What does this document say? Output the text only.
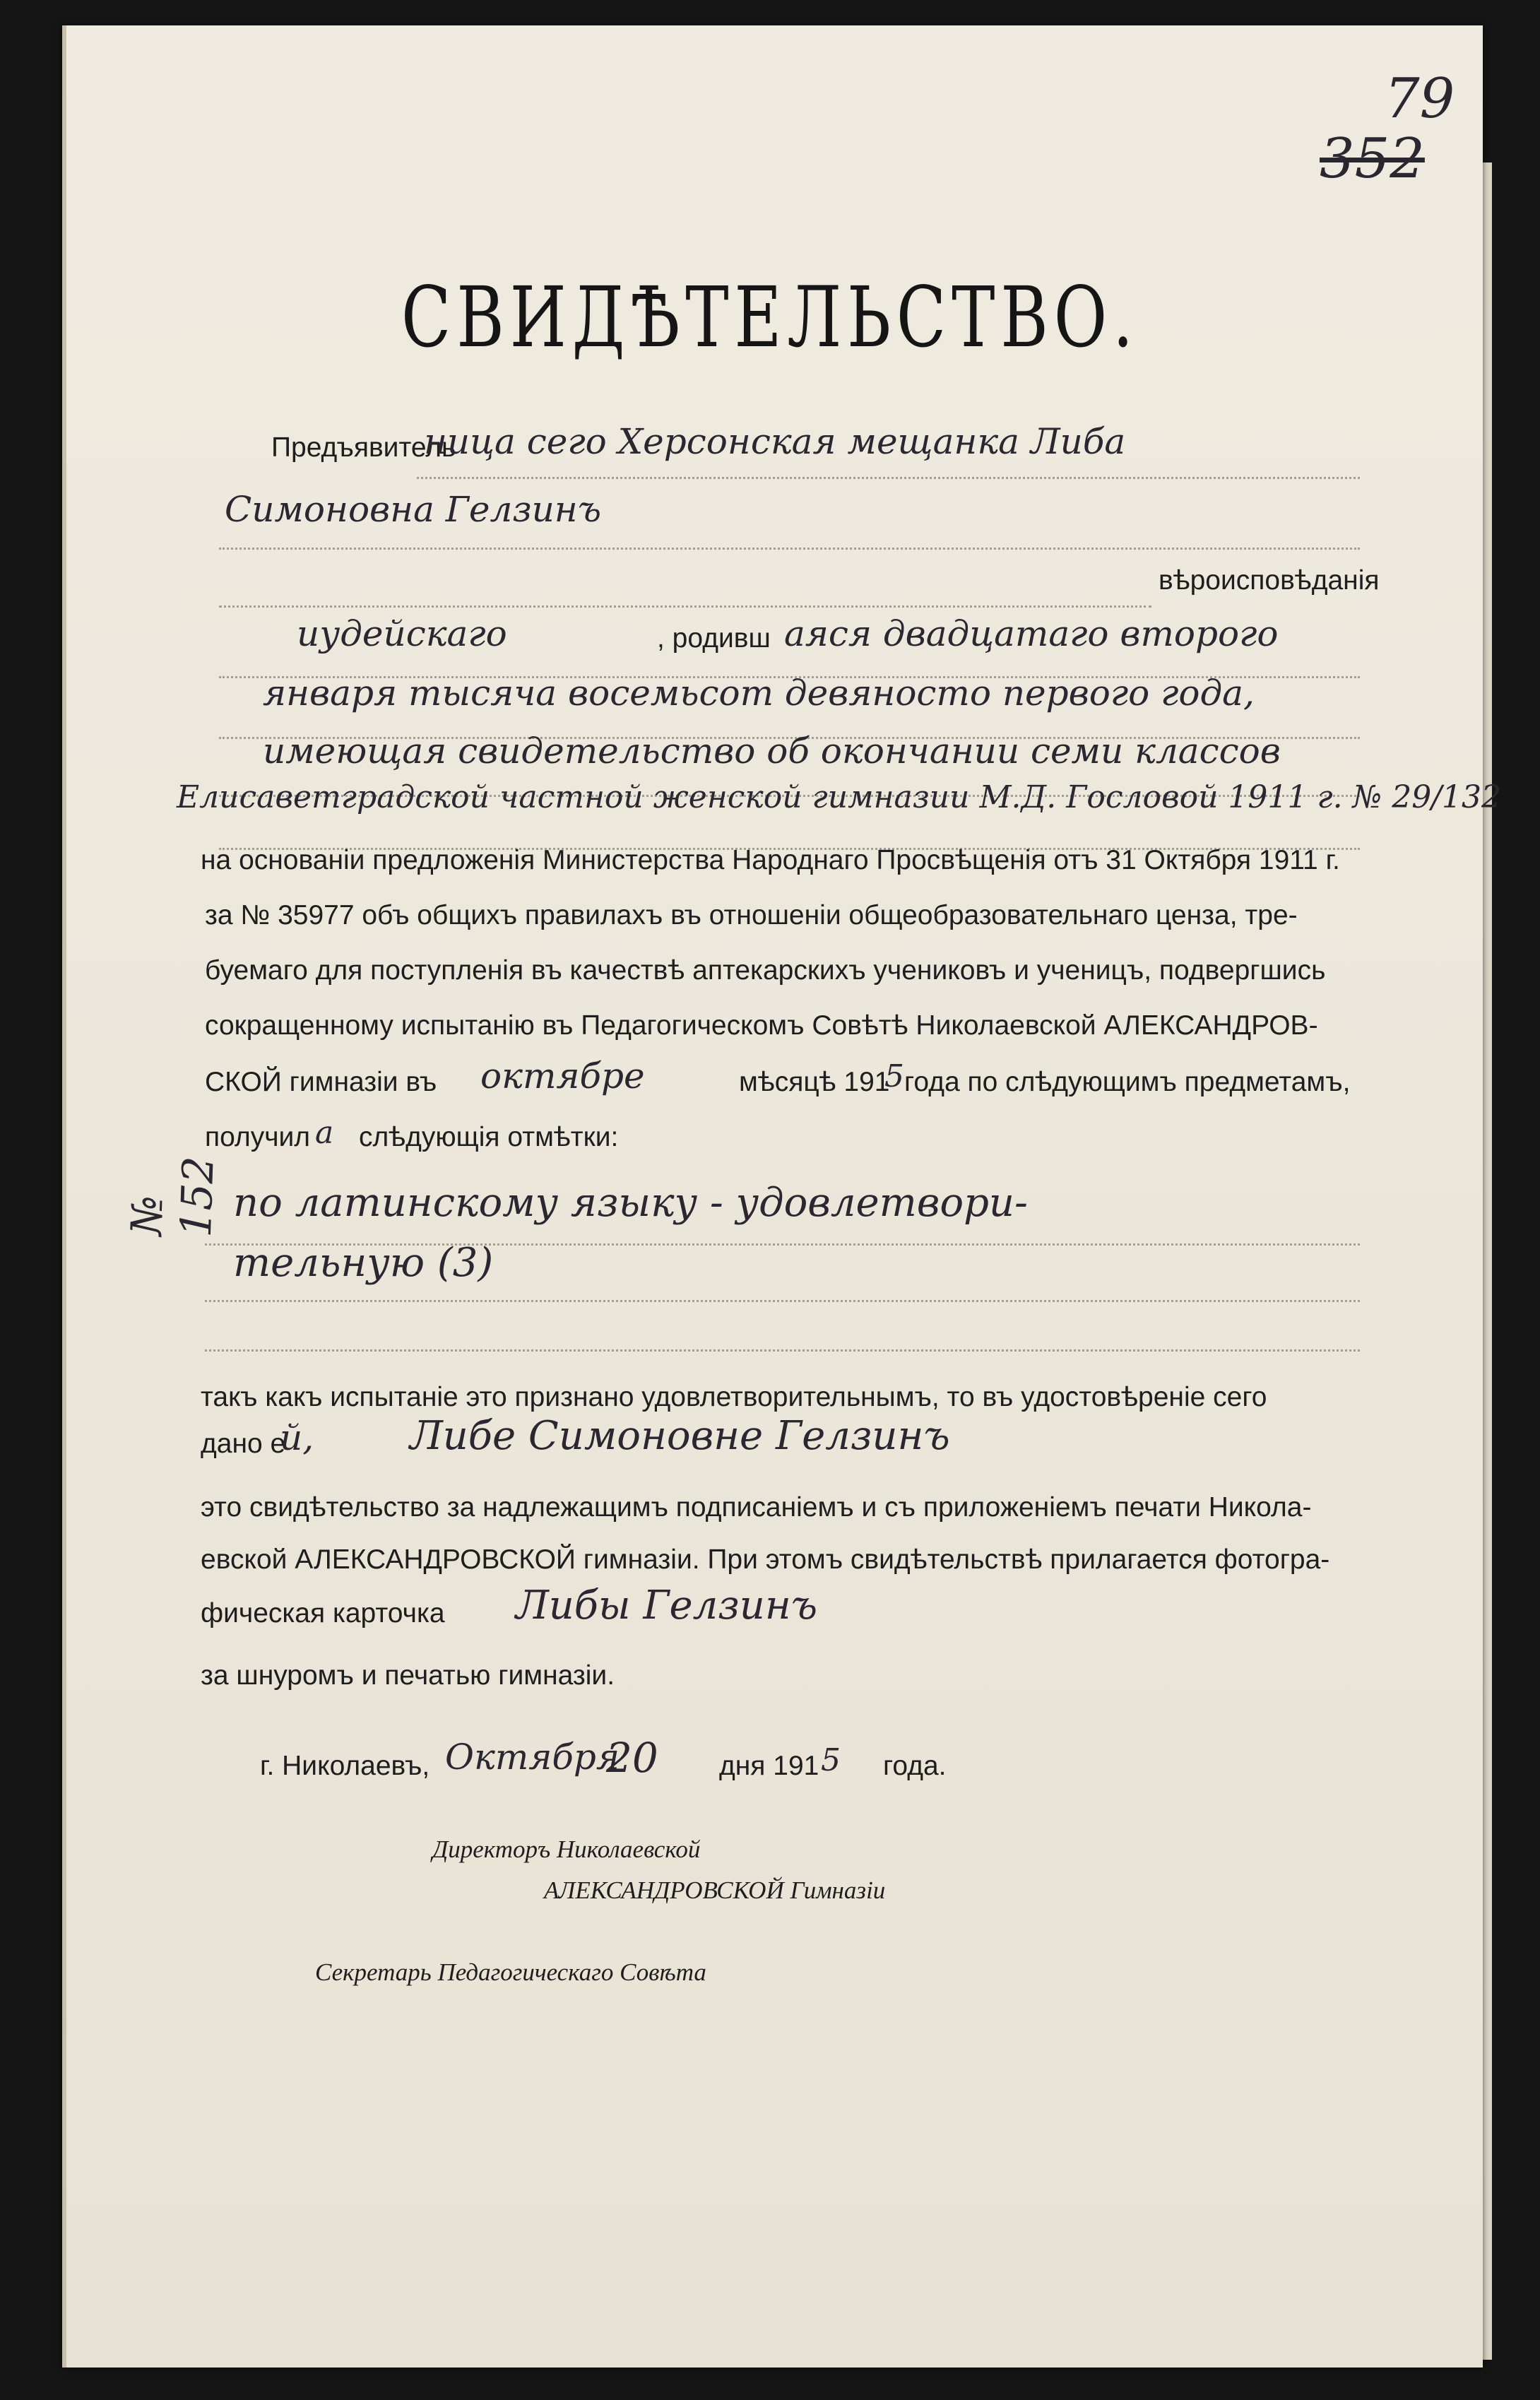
79
352
СВИДѢТЕЛЬСТВО.
Предъявитель
ница сего Херсонская мещанка Либа
Симоновна Гелзинъ
вѣроисповѣданія
иудейскаго	, родивш аяся двадцатаго второго
января тысяча восемьсот девяносто первого года,
имеющая свидетельство об окончании семи классов
Елисаветградской частной женской гимназии М.Д. Гословой 1911 г. № 29/132
на основаніи предложенія Министерства Народнаго Просвѣщенія отъ 31 Октября 1911 г.
за № 35977 объ общихъ правилахъ въ отношеніи общеобразовательнаго ценза, тре-
буемаго для поступленія въ качествѣ аптекарскихъ учениковъ и ученицъ, подвергшись
сокращенному испытанію въ Педагогическомъ Совѣтѣ Николаевской АЛЕКСАНДРОВ-
СКОЙ гимназіи въ октябре	мѣсяцѣ 191
5 года по слѣдующимъ предметамъ,
получил а слѣдующія отмѣтки:
по латинскому языку - удовлетвори-
тельную (3)
такъ какъ испытаніе это признано удовлетворительнымъ, то въ удостовѣреніе сего
дано е
й, Либе Симоновне Гелзинъ
это свидѣтельство за надлежащимъ подписаніемъ и съ приложеніемъ печати Никола-
евской АЛЕКСАНДРОВСКОЙ гимназіи. При этомъ свидѣтельствѣ прилагается фотогра-
фическая карточка Либы Гелзинъ
за шнуромъ и печатью гимназіи.
г. Николаевъ, Октября
20 дня 191 5 года.
Директоръ Николаевской
АЛЕКСАНДРОВСКОЙ Гимназіи
Секретарь Педагогическаго Совѣта
№ 152
